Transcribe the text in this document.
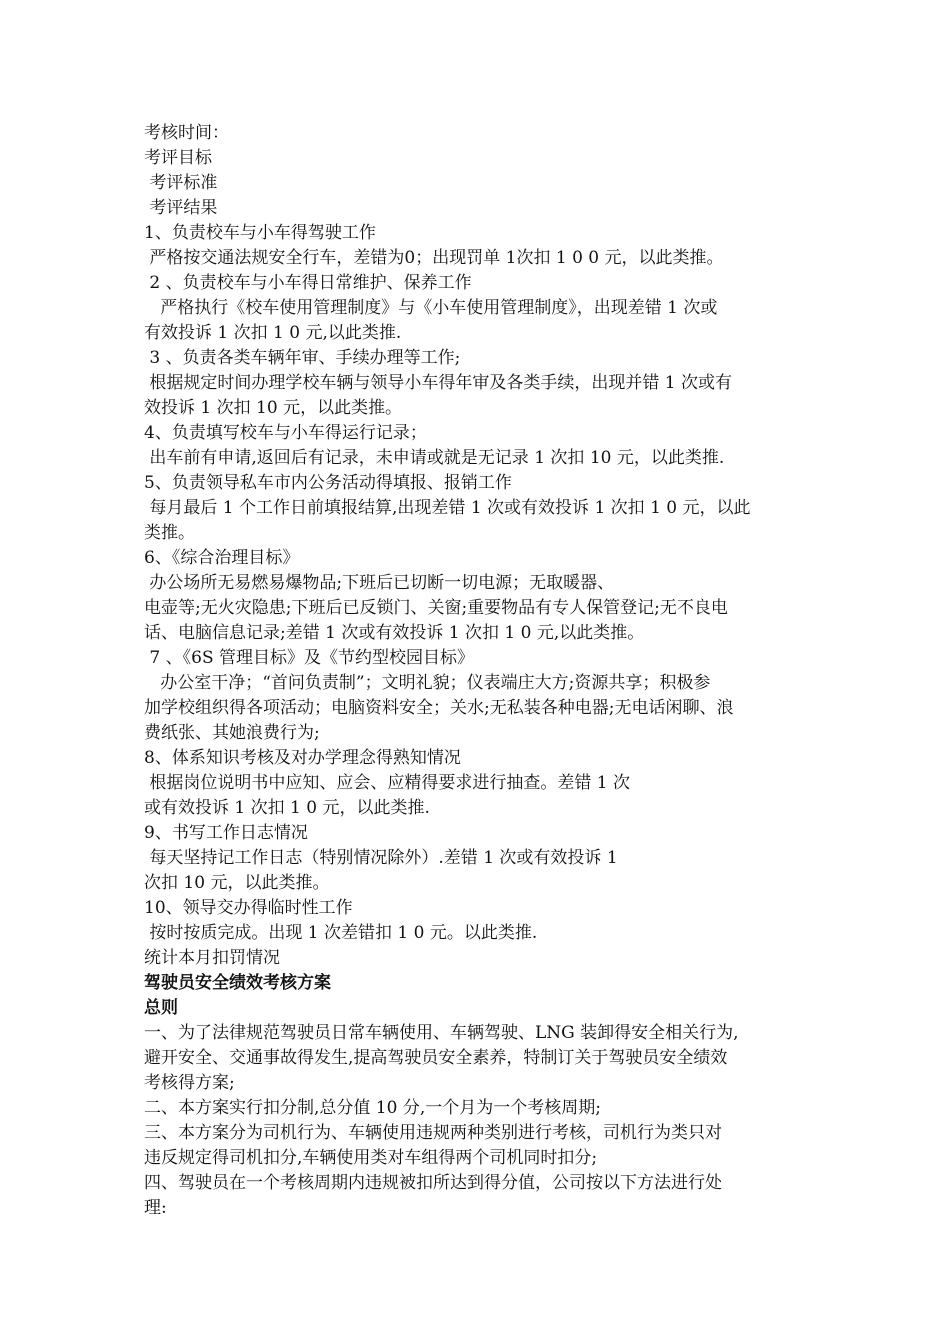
考核时间：

考评目标

考评标准

考评结果

1、负责校车与小车得驾驶工作

严格按交通法规安全行车，差错为0；出现罚单 1次扣 1 0 0 元，以此类推。

2 、负责校车与小车得日常维护、保养工作

严格执行《校车使用管理制度》与《小车使用管理制度》，出现差错 1 次或

有效投诉 1 次扣 1 0 元,以此类推.

3 、负责各类车辆年审、手续办理等工作;

根据规定时间办理学校车辆与领导小车得年审及各类手续，出现并错 1 次或有

效投诉 1 次扣 10 元，以此类推。

4、负责填写校车与小车得运行记录；

出车前有申请,返回后有记录，未申请或就是无记录 1 次扣 10 元，以此类推.

5、负责领导私车市内公务活动得填报、报销工作

每月最后 1 个工作日前填报结算,出现差错 1 次或有效投诉 1 次扣 1 0 元，以此

类推。

6、《综合治理目标》

办公场所无易燃易爆物品;下班后已切断一切电源；无取暖器、

电壶等;无火灾隐患;下班后已反锁门、关窗;重要物品有专人保管登记;无不良电

话、电脑信息记录;差错 1 次或有效投诉 1 次扣 1 0 元,以此类推。

7 、《6S 管理目标》及《节约型校园目标》

办公室干净；“首问负责制”；文明礼貌；仪表端庄大方;资源共享；积极参

加学校组织得各项活动；电脑资料安全；关水;无私装各种电器;无电话闲聊、浪

费纸张、其她浪费行为;

8、体系知识考核及对办学理念得熟知情况

根据岗位说明书中应知、应会、应精得要求进行抽查。差错 1 次

或有效投诉 1 次扣 1 0 元，以此类推.

9、书写工作日志情况

每天坚持记工作日志（特别情况除外）.差错 1 次或有效投诉 1

次扣 10 元，以此类推。

10、领导交办得临时性工作

按时按质完成。出现 1 次差错扣 1 0 元。以此类推.

统计本月扣罚情况

驾驶员安全绩效考核方案

总则

一、为了法律规范驾驶员日常车辆使用、车辆驾驶、LNG 装卸得安全相关行为,

避开安全、交通事故得发生,提高驾驶员安全素养，特制订关于驾驶员安全绩效

考核得方案;

二、本方案实行扣分制,总分值 10 分,一个月为一个考核周期;

三、本方案分为司机行为、车辆使用违规两种类别进行考核，司机行为类只对

违反规定得司机扣分,车辆使用类对车组得两个司机同时扣分;

四、驾驶员在一个考核周期内违规被扣所达到得分值，公司按以下方法进行处

理:
